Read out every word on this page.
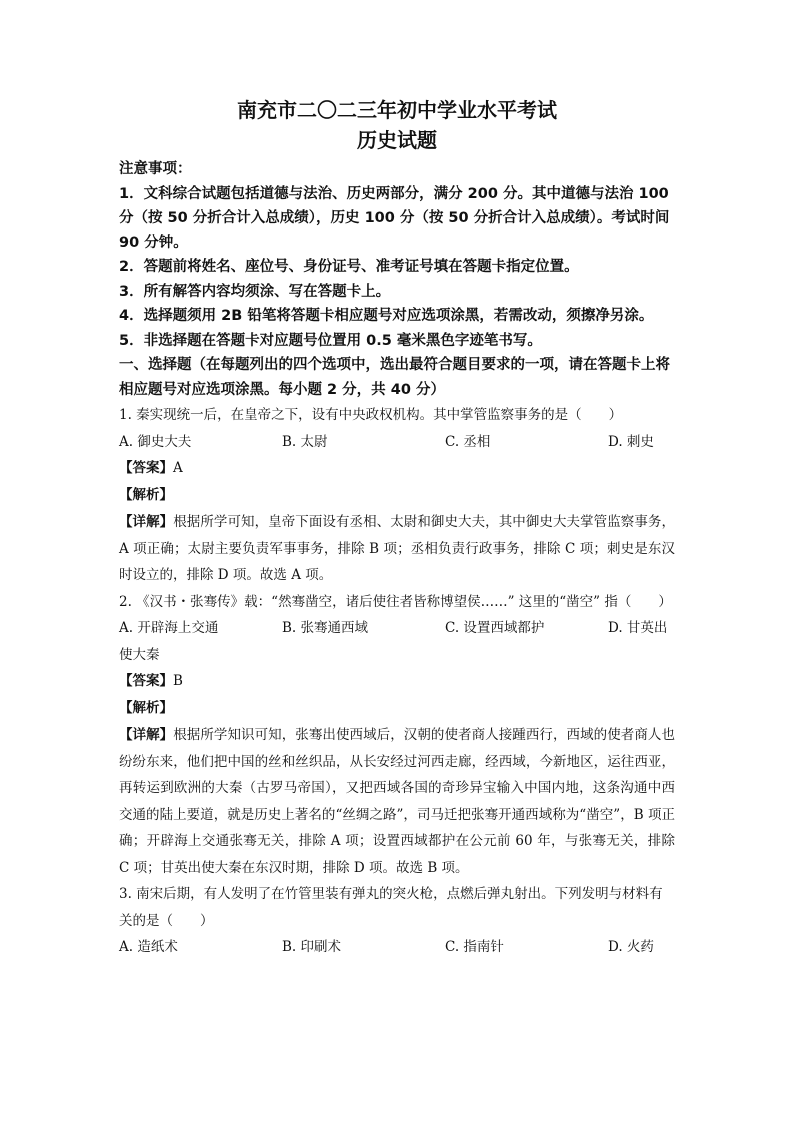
南充市二〇二三年初中学业水平考试
历史试题

注意事项：

1．文科综合试题包括道德与法治、历史两部分，满分 200 分。其中道德与法治 100 分（按 50 分折合计入总成绩），历史 100 分（按 50 分折合计入总成绩）。考试时间 90 分钟。

2．答题前将姓名、座位号、身份证号、准考证号填在答题卡指定位置。

3．所有解答内容均须涂、写在答题卡上。

4．选择题须用 2B 铅笔将答题卡相应题号对应选项涂黑，若需改动，须擦净另涂。

5．非选择题在答题卡对应题号位置用 0.5 毫米黑色字迹笔书写。

一、选择题（在每题列出的四个选项中，选出最符合题目要求的一项，请在答题卡上将相应题号对应选项涂黑。每小题 2 分，共 40 分）

1. 秦实现统一后，在皇帝之下，设有中央政权机构。其中掌管监察事务的是（　　）

A. 御史大夫	B. 太尉	C. 丞相	D. 刺史

【答案】A

【解析】

【详解】根据所学可知，皇帝下面设有丞相、太尉和御史大夫，其中御史大夫掌管监察事务，A 项正确；太尉主要负责军事事务，排除 B 项；丞相负责行政事务，排除 C 项；刺史是东汉时设立的，排除 D 项。故选 A 项。

2. 《汉书・张骞传》载：“然骞凿空，诸后使往者皆称博望侯……” 这里的“凿空” 指（　　）

A. 开辟海上交通	B. 张骞通西域	C. 设置西域都护	D. 甘英出

使大秦

【答案】B

【解析】

【详解】根据所学知识可知，张骞出使西域后，汉朝的使者商人接踵西行，西域的使者商人也纷纷东来，他们把中国的丝和丝织品，从长安经过河西走廊，经西域，今新地区，运往西亚，再转运到欧洲的大秦（古罗马帝国），又把西域各国的奇珍异宝输入中国内地，这条沟通中西交通的陆上要道，就是历史上著名的“丝绸之路”，司马迁把张骞开通西域称为“凿空”，B 项正确；开辟海上交通张骞无关，排除 A 项；设置西域都护在公元前 60 年，与张骞无关，排除 C 项；甘英出使大秦在东汉时期，排除 D 项。故选 B 项。

3. 南宋后期，有人发明了在竹管里装有弹丸的突火枪，点燃后弹丸射出。下列发明与材料有关的是（　　）

A. 造纸术	B. 印刷术	C. 指南针	D. 火药
